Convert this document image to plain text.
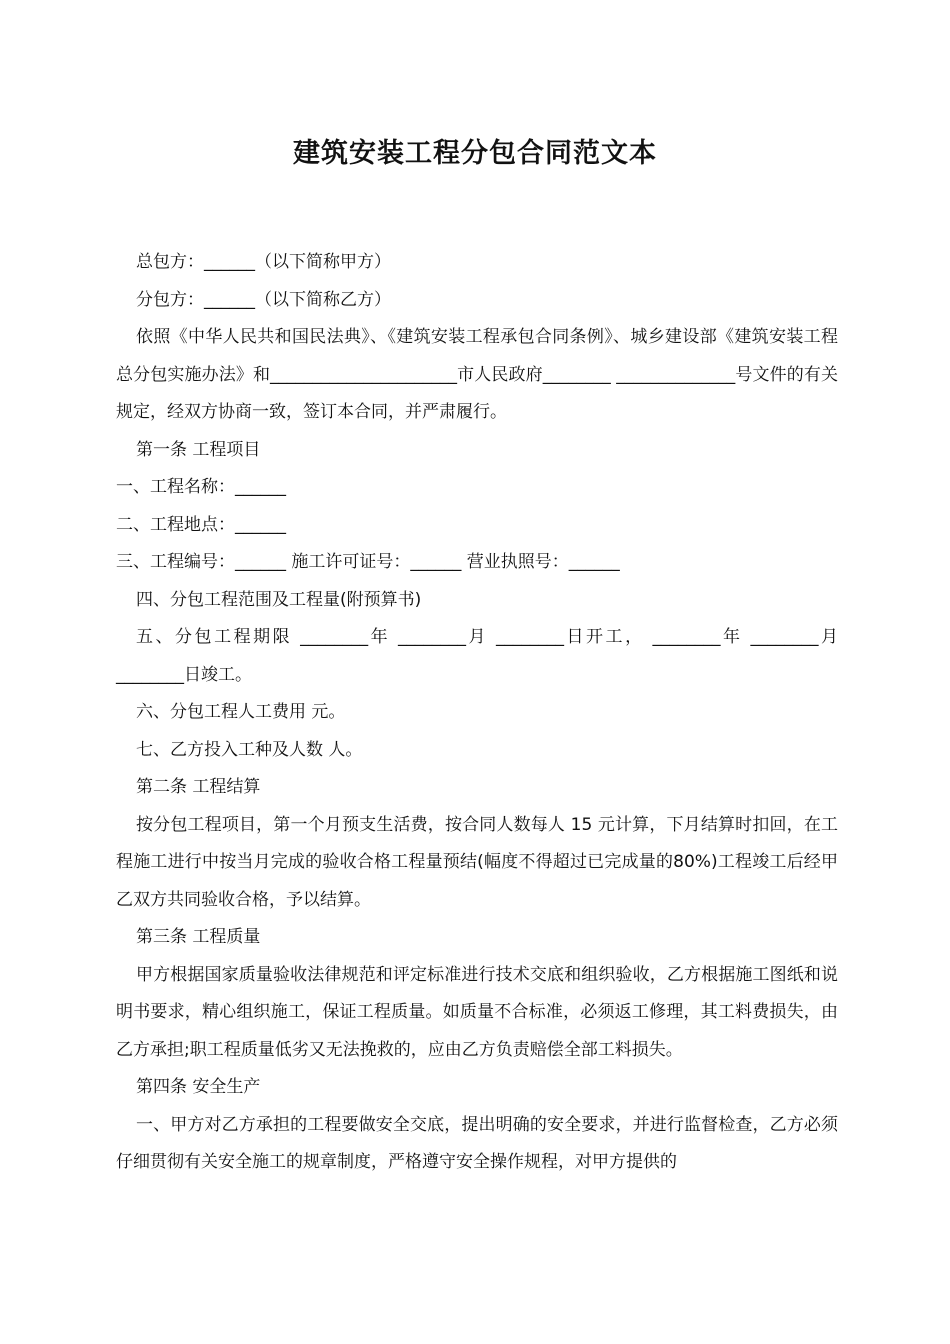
建筑安装工程分包合同范文本

总包方：______（以下简称甲方）

分包方：______（以下简称乙方）

依照《中华人民共和国民法典》、《建筑安装工程承包合同条例》、城乡建设部《建筑安装工程总分包实施办法》和______________________市人民政府________ ______________号文件的有关规定，经双方协商一致，签订本合同，并严肃履行。

第一条 工程项目

一、工程名称：______

二、工程地点：______

三、工程编号：______ 施工许可证号：______ 营业执照号：______

四、分包工程范围及工程量(附预算书)

五、分包工程期限 ________年 ________月 ________日开工， ________年 ________月 ________日竣工。

六、分包工程人工费用 元。

七、乙方投入工种及人数 人。

第二条 工程结算

按分包工程项目，第一个月预支生活费，按合同人数每人 15 元计算，下月结算时扣回，在工程施工进行中按当月完成的验收合格工程量预结(幅度不得超过已完成量的80%)工程竣工后经甲乙双方共同验收合格，予以结算。

第三条 工程质量

甲方根据国家质量验收法律规范和评定标准进行技术交底和组织验收，乙方根据施工图纸和说明书要求，精心组织施工，保证工程质量。如质量不合标准，必须返工修理，其工料费损失，由乙方承担;职工程质量低劣又无法挽救的，应由乙方负责赔偿全部工料损失。

第四条 安全生产

一、甲方对乙方承担的工程要做安全交底，提出明确的安全要求，并进行监督检查，乙方必须仔细贯彻有关安全施工的规章制度，严格遵守安全操作规程，对甲方提供的
